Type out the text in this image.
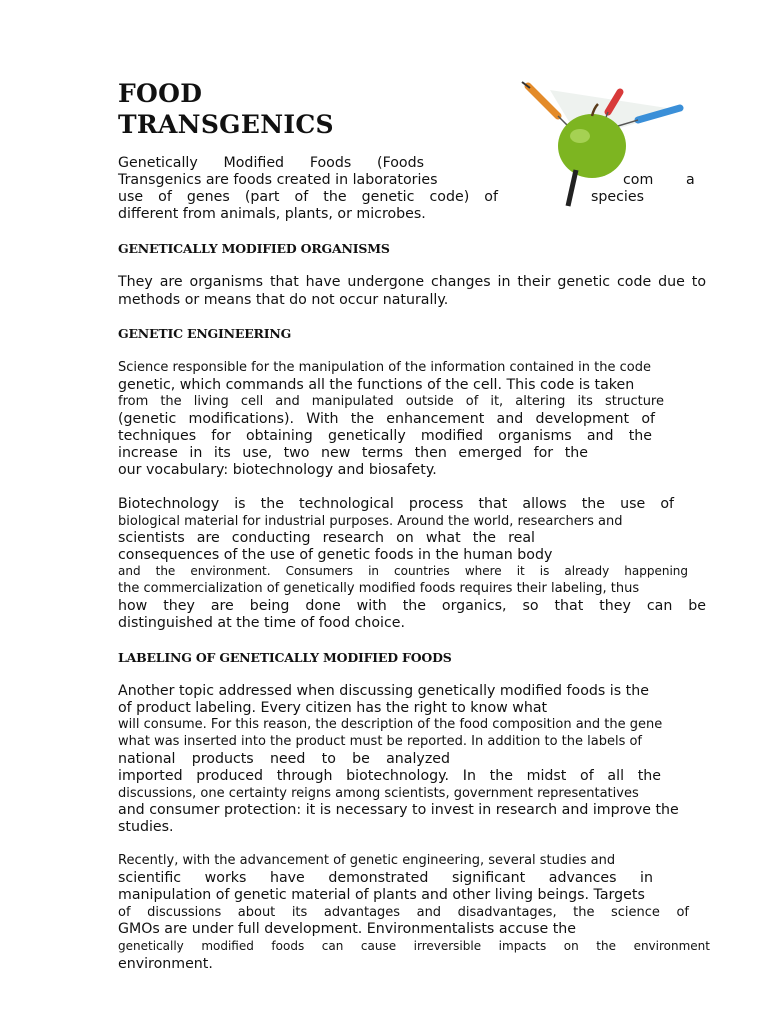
FOOD
TRANSGENICS
Genetically Modified Foods (Foods
Transgenics are foods created in laboratories	com a
use of genes (part of the genetic code) of	species
different from animals, plants, or microbes.
GENETICALLY MODIFIED ORGANISMS
They are organisms that have undergone changes in their genetic code due to
methods or means that do not occur naturally.
GENETIC ENGINEERING
Science responsible for the manipulation of the information contained in the code
genetic, which commands all the functions of the cell. This code is taken
from the living cell and manipulated outside of it, altering its structure
(genetic modifications). With the enhancement and development of
techniques for obtaining genetically modified organisms and the
increase in its use, two new terms then emerged for the
our vocabulary: biotechnology and biosafety.
Biotechnology is the technological process that allows the use of
biological material for industrial purposes. Around the world, researchers and
scientists are conducting research on what the real
consequences of the use of genetic foods in the human body
and the environment. Consumers in countries where it is already happening
the commercialization of genetically modified foods requires their labeling, thus
how they are being done with the organics, so that they can be
distinguished at the time of food choice.
LABELING OF GENETICALLY MODIFIED FOODS
Another topic addressed when discussing genetically modified foods is the
of product labeling. Every citizen has the right to know what
will consume. For this reason, the description of the food composition and the gene
what was inserted into the product must be reported. In addition to the labels of
national products need to be analyzed
imported produced through biotechnology. In the midst of all the
discussions, one certainty reigns among scientists, government representatives
and consumer protection: it is necessary to invest in research and improve the
studies.
Recently, with the advancement of genetic engineering, several studies and
scientific works have demonstrated significant advances in
manipulation of genetic material of plants and other living beings. Targets
of discussions about its advantages and disadvantages, the science of
GMOs are under full development. Environmentalists accuse the
genetically modified foods can cause irreversible impacts on the environment
environment.
